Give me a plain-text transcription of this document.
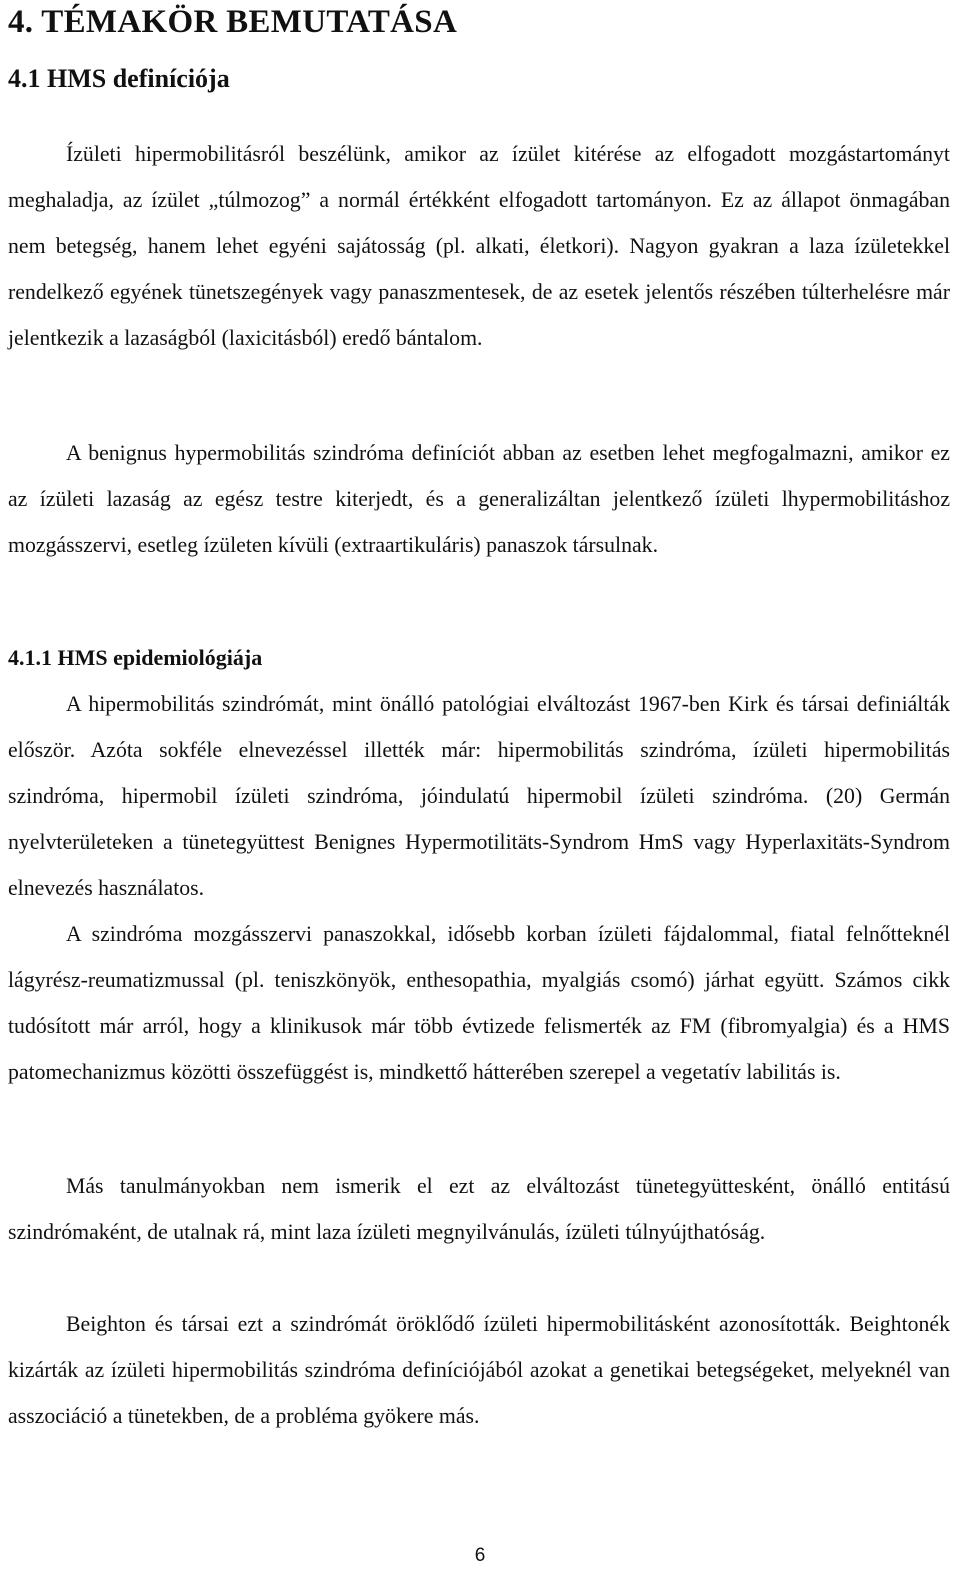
4. TÉMAKÖR BEMUTATÁSA
4.1 HMS definíciója

Ízületi hipermobilitásról beszélünk, amikor az ízület kitérése az elfogadott mozgástartományt meghaladja, az ízület „túlmozog” a normál értékként elfogadott tartományon. Ez az állapot önmagában nem betegség, hanem lehet egyéni sajátosság (pl. alkati, életkori). Nagyon gyakran a laza ízületekkel rendelkező egyének tünetszegények vagy panaszmentesek, de az esetek jelentős részében túlterhelésre már jelentkezik a lazaságból (laxicitásból) eredő bántalom.

A benignus hypermobilitás szindróma definíciót abban az esetben lehet megfogalmazni, amikor ez az ízületi lazaság az egész testre kiterjedt, és a generalizáltan jelentkező ízületi lhypermobilitáshoz mozgásszervi, esetleg ízületen kívüli (extraartikuláris) panaszok társulnak.

4.1.1 HMS epidemiológiája

A hipermobilitás szindrómát, mint önálló patológiai elváltozást 1967-ben Kirk és társai definiálták először. Azóta sokféle elnevezéssel illették már: hipermobilitás szindróma, ízületi hipermobilitás szindróma, hipermobil ízületi szindróma, jóindulatú hipermobil ízületi szindróma. (20) Germán nyelvterületeken a tünetegyüttest Benignes Hypermotilitäts-Syndrom HmS vagy Hyperlaxitäts-Syndrom elnevezés használatos.

A szindróma mozgásszervi panaszokkal, idősebb korban ízületi fájdalommal, fiatal felnőtteknél lágyrész-reumatizmussal (pl. teniszkönyök, enthesopathia, myalgiás csomó) járhat együtt. Számos cikk tudósított már arról, hogy a klinikusok már több évtizede felismerték az FM (fibromyalgia) és a HMS patomechanizmus közötti összefüggést is, mindkettő hátterében szerepel a vegetatív labilitás is.

Más tanulmányokban nem ismerik el ezt az elváltozást tünetegyüttesként, önálló entitású szindrómaként, de utalnak rá, mint laza ízületi megnyilvánulás, ízületi túlnyújthatóság.

Beighton és társai ezt a szindrómát öröklődő ízületi hipermobilitásként azonosították. Beightonék kizárták az ízületi hipermobilitás szindróma definíciójából azokat a genetikai betegségeket, melyeknél van asszociáció a tünetekben, de a probléma gyökere más.

6
